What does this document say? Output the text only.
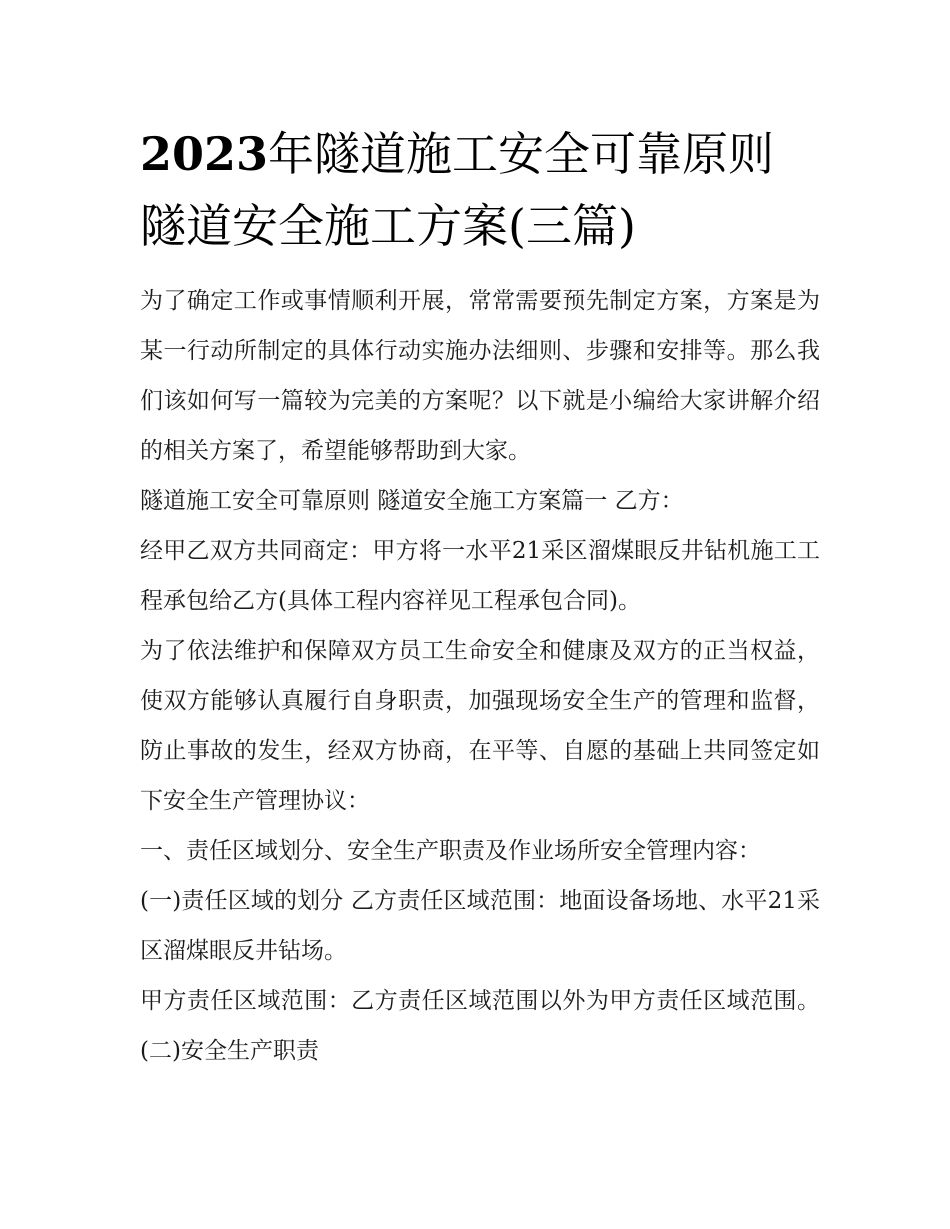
2023年隧道施工安全可靠原则
隧道安全施工方案(三篇)

为了确定工作或事情顺利开展，常常需要预先制定方案，方案是为某一行动所制定的具体行动实施办法细则、步骤和安排等。那么我们该如何写一篇较为完美的方案呢？以下就是小编给大家讲解介绍的相关方案了，希望能够帮助到大家。

隧道施工安全可靠原则 隧道安全施工方案篇一 乙方：

经甲乙双方共同商定：甲方将一水平21采区溜煤眼反井钻机施工工程承包给乙方(具体工程内容祥见工程承包合同)。

为了依法维护和保障双方员工生命安全和健康及双方的正当权益，使双方能够认真履行自身职责，加强现场安全生产的管理和监督，防止事故的发生，经双方协商，在平等、自愿的基础上共同签定如下安全生产管理协议：

一、责任区域划分、安全生产职责及作业场所安全管理内容：

(一)责任区域的划分 乙方责任区域范围：地面设备场地、水平21采区溜煤眼反井钻场。

甲方责任区域范围：乙方责任区域范围以外为甲方责任区域范围。 (二)安全生产职责
